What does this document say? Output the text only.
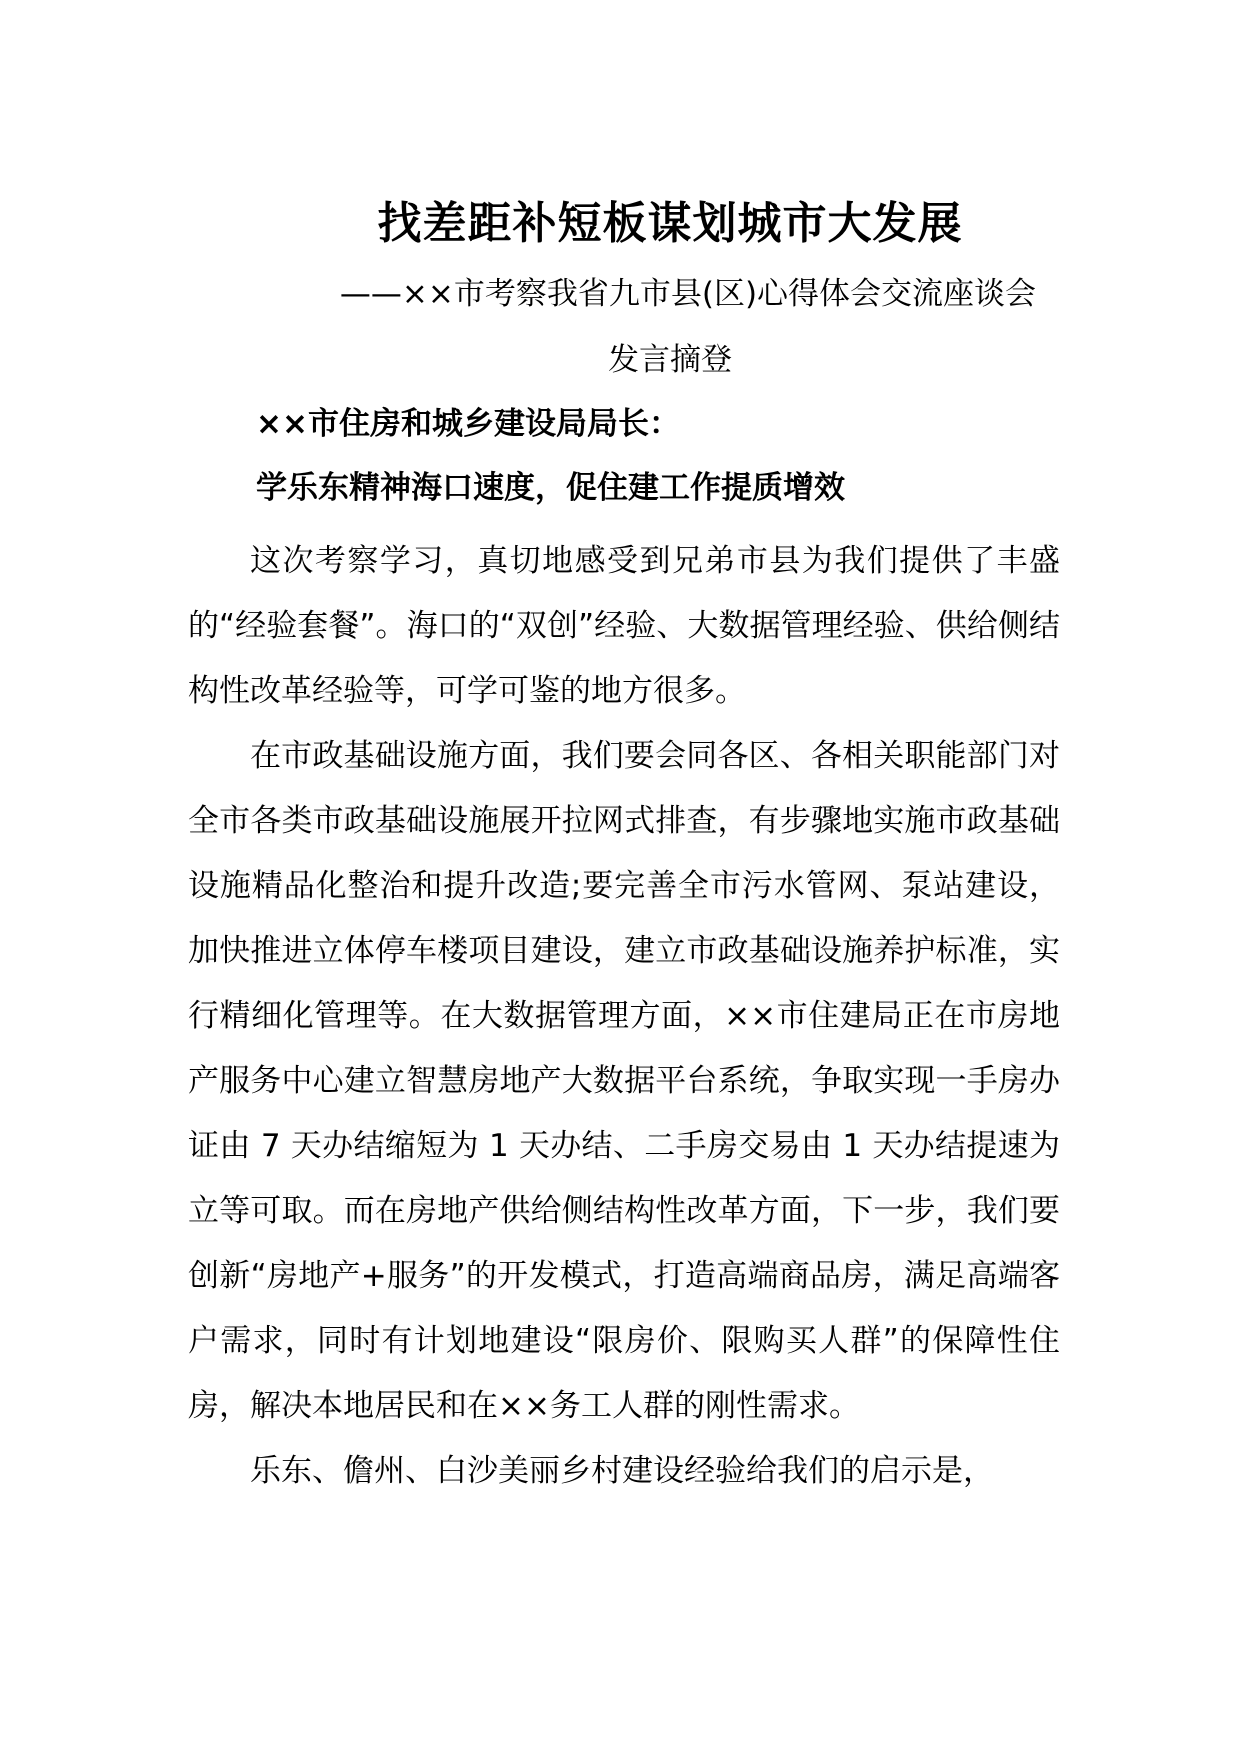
找差距补短板谋划城市大发展
——××市考察我省九市县(区)心得体会交流座谈会
发言摘登
××市住房和城乡建设局局长：
学乐东精神海口速度，促住建工作提质增效

这次考察学习，真切地感受到兄弟市县为我们提供了丰盛的“经验套餐”。海口的“双创”经验、大数据管理经验、供给侧结构性改革经验等，可学可鉴的地方很多。

在市政基础设施方面，我们要会同各区、各相关职能部门对全市各类市政基础设施展开拉网式排查，有步骤地实施市政基础设施精品化整治和提升改造;要完善全市污水管网、泵站建设，加快推进立体停车楼项目建设，建立市政基础设施养护标准，实行精细化管理等。在大数据管理方面，××市住建局正在市房地产服务中心建立智慧房地产大数据平台系统，争取实现一手房办证由 7 天办结缩短为 1 天办结、二手房交易由 1 天办结提速为立等可取。而在房地产供给侧结构性改革方面，下一步，我们要创新“房地产+服务”的开发模式，打造高端商品房，满足高端客户需求，同时有计划地建设“限房价、限购买人群”的保障性住房，解决本地居民和在××务工人群的刚性需求。

乐东、儋州、白沙美丽乡村建设经验给我们的启示是，
